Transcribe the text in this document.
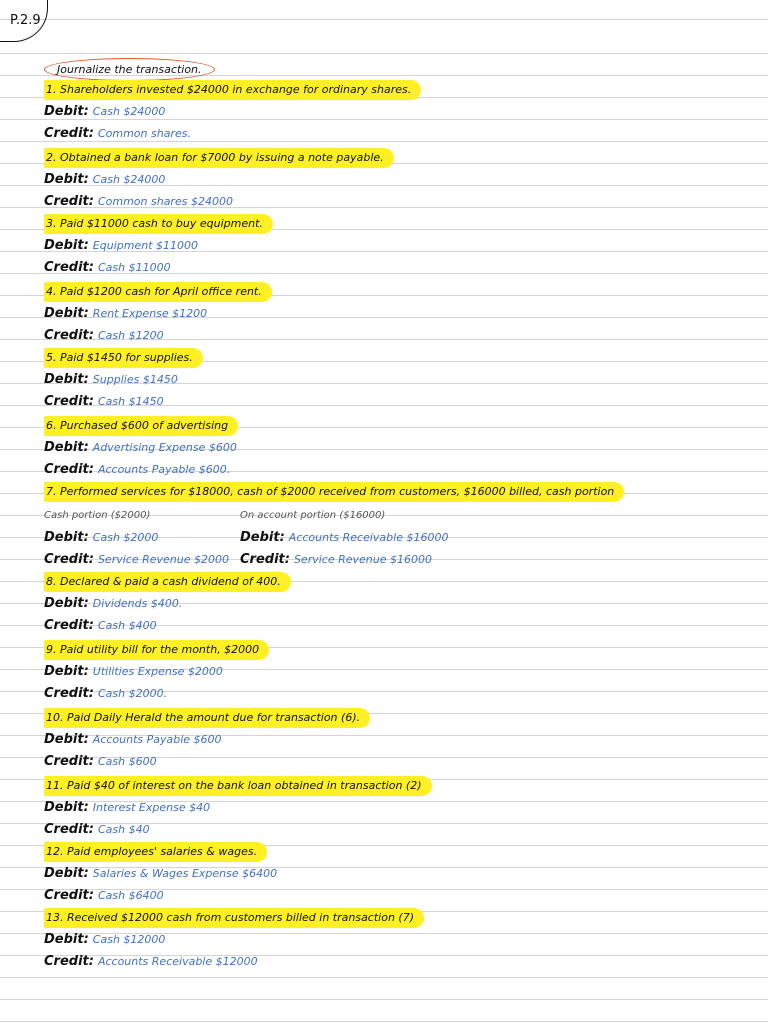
P.2.9
Journalize the transaction.
1. Shareholders invested $24000 in exchange for ordinary shares.
Debit: Cash $24000
Credit: Common shares.
2. Obtained a bank loan for $7000 by issuing a note payable.
Debit: Cash $24000
Credit: Common shares $24000
3. Paid $11000 cash to buy equipment.
Debit: Equipment $11000
Credit: Cash $11000
4. Paid $1200 cash for April office rent.
Debit: Rent Expense $1200
Credit: Cash $1200
5. Paid $1450 for supplies.
Debit: Supplies $1450
Credit: Cash $1450
6. Purchased $600 of advertising
Debit: Advertising Expense $600
Credit: Accounts Payable $600.
7. Performed services for $18000, cash of $2000 received from customers, $16000 billed, cash portion
Cash portion ($2000)	On account portion ($16000)
Debit: Cash $2000	Debit: Accounts Receivable $16000
Credit: Service Revenue $2000 Credit: Service Revenue $16000
8. Declared & paid a cash dividend of 400.
Debit: Dividends $400.
Credit: Cash $400
9. Paid utility bill for the month, $2000
Debit: Utilities Expense $2000
Credit: Cash $2000.
10. Paid Daily Herald the amount due for transaction (6).
Debit: Accounts Payable $600
Credit: Cash $600
11. Paid $40 of interest on the bank loan obtained in transaction (2)
Debit: Interest Expense $40
Credit: Cash $40
12. Paid employees' salaries & wages.
Debit: Salaries & Wages Expense $6400
Credit: Cash $6400
13. Received $12000 cash from customers billed in transaction (7)
Debit: Cash $12000
Credit: Accounts Receivable $12000
